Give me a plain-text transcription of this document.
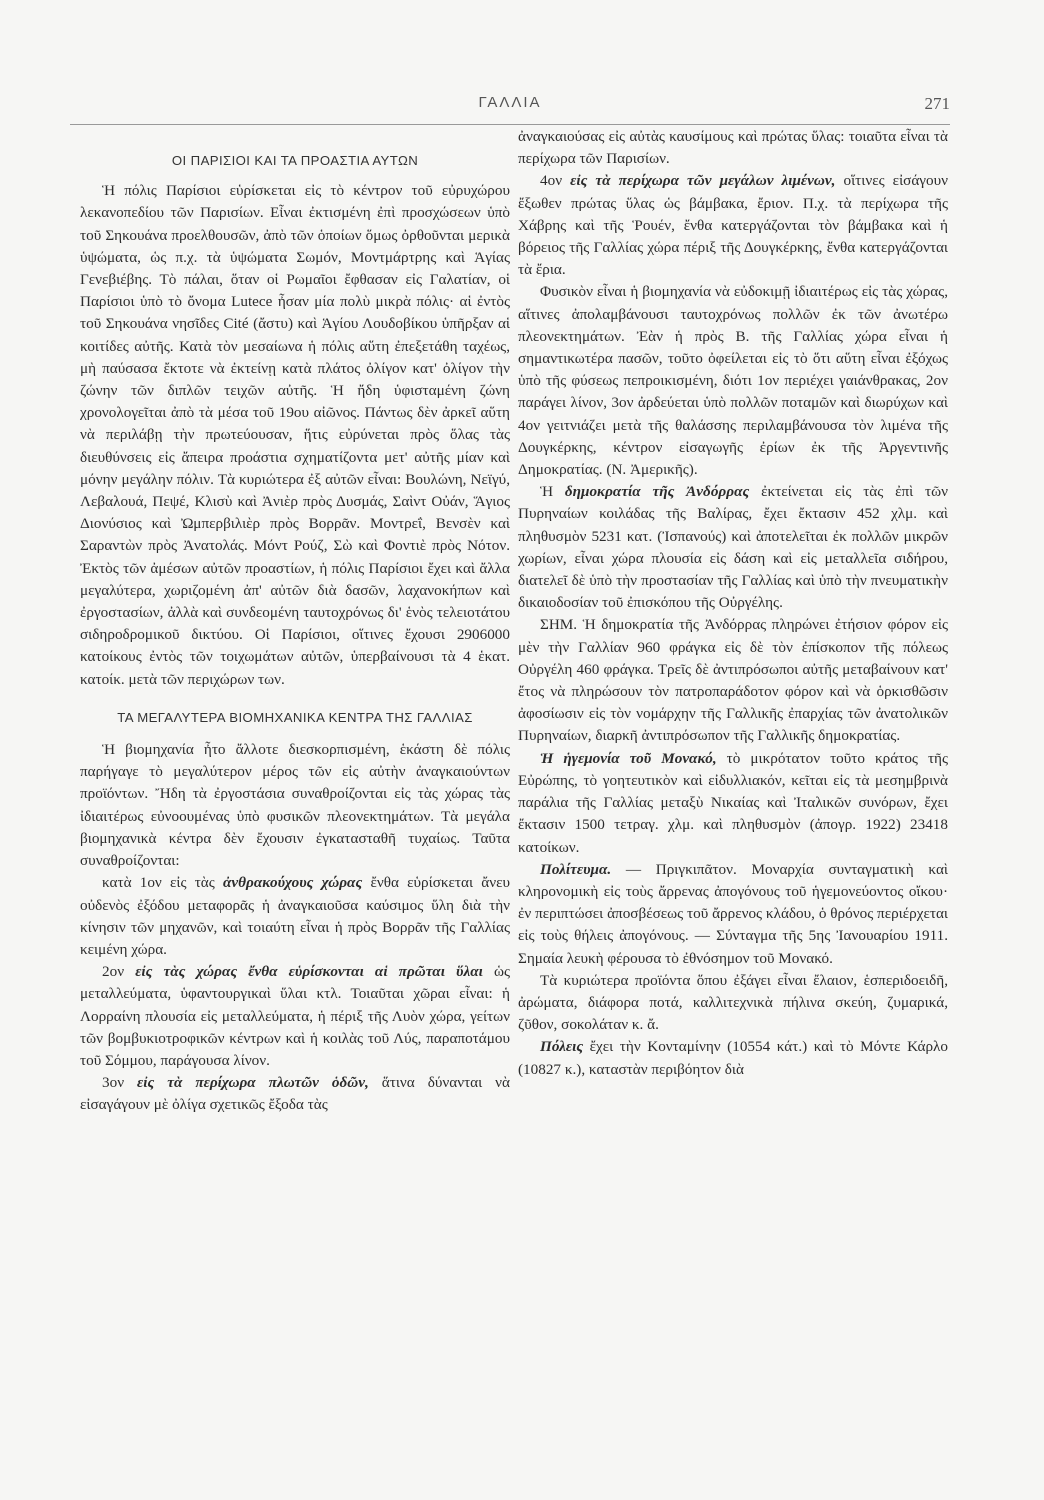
ΓΑΛΛΙΑ	271
ΟΙ ΠΑΡΙΣΙΟΙ ΚΑΙ ΤΑ ΠΡΟΑΣΤΙΑ ΑΥΤΩΝ

Ἡ πόλις Παρίσιοι εὑρίσκεται εἰς τὸ κέντρον τοῦ εὐρυχώρου λεκανοπεδίου τῶν Παρισίων. Εἶναι ἐκτισμένη ἐπὶ προσχώσεων ὑπὸ τοῦ Σηκουάνα προελθουσῶν, ἀπὸ τῶν ὁποίων ὅμως ὀρθοῦνται μερικὰ ὑψώματα, ὡς π.χ. τὰ ὑψώματα Σωμόν, Μοντμάρτρης καὶ Ἁγίας Γενεβιέβης. Τὸ πάλαι, ὅταν οἱ Ρωμαῖοι ἔφθασαν εἰς Γαλατίαν, οἱ Παρίσιοι ὑπὸ τὸ ὄνομα Lutece ἦσαν μία πολὺ μικρὰ πόλις· αἱ ἐντὸς τοῦ Σηκουάνα νησῖδες Cité (ἄστυ) καὶ Ἁγίου Λουδοβίκου ὑπῆρξαν αἱ κοιτίδες αὐτῆς. Κατὰ τὸν μεσαίωνα ἡ πόλις αὕτη ἐπεξετάθη ταχέως, μὴ παύσασα ἔκτοτε νὰ ἐκτείνῃ κατὰ πλάτος ὀλίγον κατ' ὀλίγον τὴν ζώνην τῶν διπλῶν τειχῶν αὐτῆς. Ἡ ἤδη ὑφισταμένη ζώνη χρονολογεῖται ἀπὸ τὰ μέσα τοῦ 19ου αἰῶνος. Πάντως δὲν ἀρκεῖ αὕτη νὰ περιλάβῃ τὴν πρωτεύουσαν, ἥτις εὐρύνεται πρὸς ὅλας τὰς διευθύνσεις εἰς ἄπειρα προάστια σχηματίζοντα μετ' αὐτῆς μίαν καὶ μόνην μεγάλην πόλιν. Τὰ κυριώτερα ἐξ αὐτῶν εἶναι: Βουλώνη, Νεϊγύ, Λεβαλουά, Πεψέ, Κλισὺ καὶ Ἀνιὲρ πρὸς Δυσμάς, Σαὶντ Οὐάν, Ἅγιος Διονύσιος καὶ Ὠμπερβιλιὲρ πρὸς Βορρᾶν. Μοντρεΐ, Βενσὲν καὶ Σαραντὼν πρὸς Ἀνατολάς. Μόντ Ρούζ, Σὼ καὶ Φοντιὲ πρὸς Νότον. Ἐκτὸς τῶν ἀμέσων αὐτῶν προαστίων, ἡ πόλις Παρίσιοι ἔχει καὶ ἄλλα μεγαλύτερα, χωριζομένη ἀπ' αὐτῶν διὰ δασῶν, λαχανοκήπων καὶ ἐργοστασίων, ἀλλὰ καὶ συνδεομένη ταυτοχρόνως δι' ἑνὸς τελειοτάτου σιδηροδρομικοῦ δικτύου. Οἱ Παρίσιοι, οἵτινες ἔχουσι 2906000 κατοίκους ἐντὸς τῶν τοιχωμάτων αὐτῶν, ὑπερβαίνουσι τὰ 4 ἑκατ. κατοίκ. μετὰ τῶν περιχώρων των.

ΤΑ ΜΕΓΑΛΥΤΕΡΑ ΒΙΟΜΗΧΑΝΙΚΑ ΚΕΝΤΡΑ ΤΗΣ ΓΑΛΛΙΑΣ

Ἡ βιομηχανία ἦτο ἄλλοτε διεσκορπισμένη, ἑκάστη δὲ πόλις παρήγαγε τὸ μεγαλύτερον μέρος τῶν εἰς αὐτὴν ἀναγκαιούντων προϊόντων. Ἤδη τὰ ἐργοστάσια συναθροίζονται εἰς τὰς χώρας τὰς ἰδιαιτέρως εὐνοουμένας ὑπὸ φυσικῶν πλεονεκτημάτων. Τὰ μεγάλα βιομηχανικὰ κέντρα δὲν ἔχουσιν ἐγκατασταθῆ τυχαίως. Ταῦτα συναθροίζονται:

κατὰ 1ον εἰς τὰς ἀνθρακούχους χώρας ἔνθα εὑρίσκεται ἄνευ οὐδενὸς ἐξόδου μεταφορᾶς ἡ ἀναγκαιοῦσα καύσιμος ὕλη διὰ τὴν κίνησιν τῶν μηχανῶν, καὶ τοιαύτη εἶναι ἡ πρὸς Βορρᾶν τῆς Γαλλίας κειμένη χώρα.

2ον εἰς τὰς χώρας ἔνθα εὑρίσκονται αἱ πρῶται ὕλαι ὡς μεταλλεύματα, ὑφαντουργικαὶ ὕλαι κτλ. Τοιαῦται χῶραι εἶναι: ἡ Λορραίνη πλουσία εἰς μεταλλεύματα, ἡ πέριξ τῆς Λυὸν χώρα, γείτων τῶν βομβυκιοτροφικῶν κέντρων καὶ ἡ κοιλὰς τοῦ Λύς, παραποτάμου τοῦ Σόμμου, παράγουσα λίνον.

3ον εἰς τὰ περίχωρα πλωτῶν ὁδῶν, ἅτινα δύνανται νὰ εἰσαγάγουν μὲ ὀλίγα σχετικῶς ἔξοδα τὰς

ἀναγκαιούσας εἰς αὐτὰς καυσίμους καὶ πρώτας ὕλας: τοιαῦτα εἶναι τὰ περίχωρα τῶν Παρισίων.

4ον εἰς τὰ περίχωρα τῶν μεγάλων λιμένων, οἵτινες εἰσάγουν ἔξωθεν πρώτας ὕλας ὡς βάμβακα, ἔριον. Π.χ. τὰ περίχωρα τῆς Χάβρης καὶ τῆς Ῥουέν, ἔνθα κατεργάζονται τὸν βάμβακα καὶ ἡ βόρειος τῆς Γαλλίας χώρα πέριξ τῆς Δουγκέρκης, ἔνθα κατεργάζονται τὰ ἔρια.

Φυσικὸν εἶναι ἡ βιομηχανία νὰ εὐδοκιμῇ ἰδιαιτέρως εἰς τὰς χώρας, αἵτινες ἀπολαμβάνουσι ταυτοχρόνως πολλῶν ἐκ τῶν ἀνωτέρω πλεονεκτημάτων. Ἐὰν ἡ πρὸς Β. τῆς Γαλλίας χώρα εἶναι ἡ σημαντικωτέρα πασῶν, τοῦτο ὀφείλεται εἰς τὸ ὅτι αὕτη εἶναι ἐξόχως ὑπὸ τῆς φύσεως πεπροικισμένη, διότι 1ον περιέχει γαιάνθρακας, 2ον παράγει λίνον, 3ον ἀρδεύεται ὑπὸ πολλῶν ποταμῶν καὶ διωρύχων καὶ 4ον γειτνιάζει μετὰ τῆς θαλάσσης περιλαμβάνουσα τὸν λιμένα τῆς Δουγκέρκης, κέντρον εἰσαγωγῆς ἐρίων ἐκ τῆς Ἀργεντινῆς Δημοκρατίας. (Ν. Ἀμερικῆς).

Ἡ δημοκρατία τῆς Ἀνδόρρας ἐκτείνεται εἰς τὰς ἐπὶ τῶν Πυρηναίων κοιλάδας τῆς Βαλίρας, ἔχει ἔκτασιν 452 χλμ. καὶ πληθυσμὸν 5231 κατ. (Ἰσπανούς) καὶ ἀποτελεῖται ἐκ πολλῶν μικρῶν χωρίων, εἶναι χώρα πλουσία εἰς δάση καὶ εἰς μεταλλεῖα σιδήρου, διατελεῖ δὲ ὑπὸ τὴν προστασίαν τῆς Γαλλίας καὶ ὑπὸ τὴν πνευματικὴν δικαιοδοσίαν τοῦ ἐπισκόπου τῆς Οὐργέλης.

ΣΗΜ. Ἡ δημοκρατία τῆς Ἀνδόρρας πληρώνει ἐτήσιον φόρον εἰς μὲν τὴν Γαλλίαν 960 φράγκα εἰς δὲ τὸν ἐπίσκοπον τῆς πόλεως Οὐργέλη 460 φράγκα. Τρεῖς δὲ ἀντιπρόσωποι αὐτῆς μεταβαίνουν κατ' ἔτος νὰ πληρώσουν τὸν πατροπαράδοτον φόρον καὶ νὰ ὁρκισθῶσιν ἀφοσίωσιν εἰς τὸν νομάρχην τῆς Γαλλικῆς ἐπαρχίας τῶν ἀνατολικῶν Πυρηναίων, διαρκῆ ἀντιπρόσωπον τῆς Γαλλικῆς δημοκρατίας.

Ἡ ἡγεμονία τοῦ Μονακό, τὸ μικρότατον τοῦτο κράτος τῆς Εὐρώπης, τὸ γοητευτικὸν καὶ εἰδυλλιακόν, κεῖται εἰς τὰ μεσημβρινὰ παράλια τῆς Γαλλίας μεταξὺ Νικαίας καὶ Ἰταλικῶν συνόρων, ἔχει ἔκτασιν 1500 τετραγ. χλμ. καὶ πληθυσμὸν (ἀπογρ. 1922) 23418 κατοίκων.

Πολίτευμα. — Πριγκιπᾶτον. Μοναρχία συνταγματικὴ καὶ κληρονομικὴ εἰς τοὺς ἄρρενας ἀπογόνους τοῦ ἡγεμονεύοντος οἴκου· ἐν περιπτώσει ἀποσβέσεως τοῦ ἄρρενος κλάδου, ὁ θρόνος περιέρχεται εἰς τοὺς θήλεις ἀπογόνους. — Σύνταγμα τῆς 5ης Ἰανουαρίου 1911. Σημαία λευκὴ φέρουσα τὸ ἐθνόσημον τοῦ Μονακό.

Τὰ κυριώτερα προϊόντα ὅπου ἐξάγει εἶναι ἔλαιον, ἑσπεριδοειδῆ, ἀρώματα, διάφορα ποτά, καλλιτεχνικὰ πήλινα σκεύη, ζυμαρικά, ζῦθον, σοκολάταν κ. ἄ.

Πόλεις ἔχει τὴν Κονταμίνην (10554 κάτ.) καὶ τὸ Μόντε Κάρλο (10827 κ.), καταστὰν περιβόητον διὰ
